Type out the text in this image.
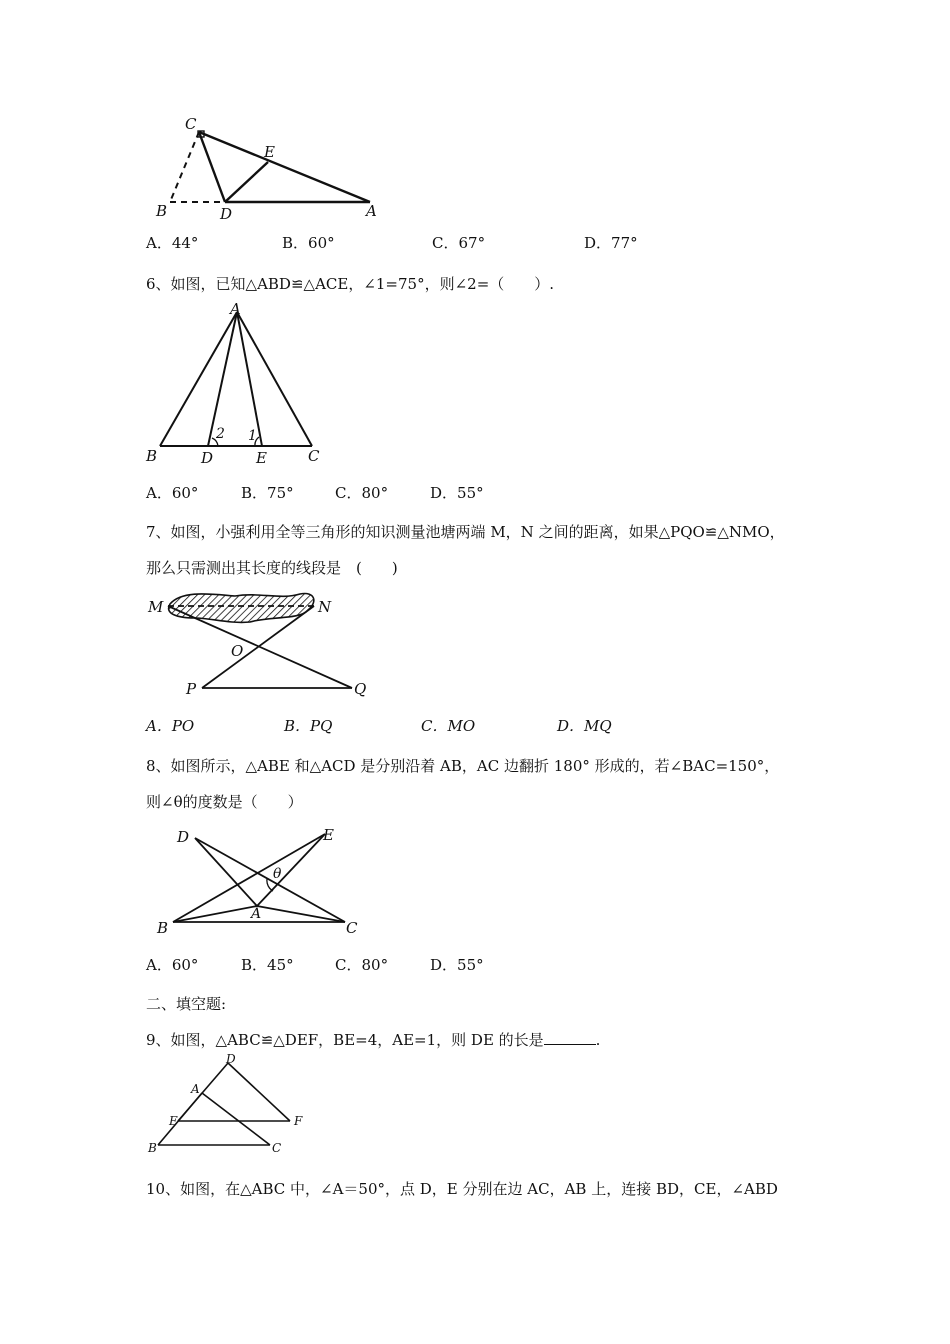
C
E
B	D	A
A．44°	B．60°	C．67°	D．77°
6、如图，已知△ABD≌△ACE，∠1=75°，则∠2=（　　）.
A
B	D	E	C
2 1
A．60°	B．75°	C．80°	D．55°
7、如图，小强利用全等三角形的知识测量池塘两端 M，N 之间的距离，如果△PQO≌△NMO，
那么只需测出其长度的线段是　(　　)
M	N
O
P	Q
A．PO	B．PQ	C．MO	D．MQ
8、如图所示，△ABE 和△ACD 是分别沿着 AB，AC 边翻折 180° 形成的，若∠BAC=150°，
则∠θ的度数是（　　）
D	E
θ
A
B	C
A．60°	B．45°	C．80°	D．55°
二、填空题:
9、如图，△ABC≌△DEF，BE=4，AE=1，则 DE 的长是	.
D
A
E	F
B	C
10、如图，在△ABC 中，∠A＝50°，点 D，E 分别在边 AC，AB 上，连接 BD，CE，∠ABD
